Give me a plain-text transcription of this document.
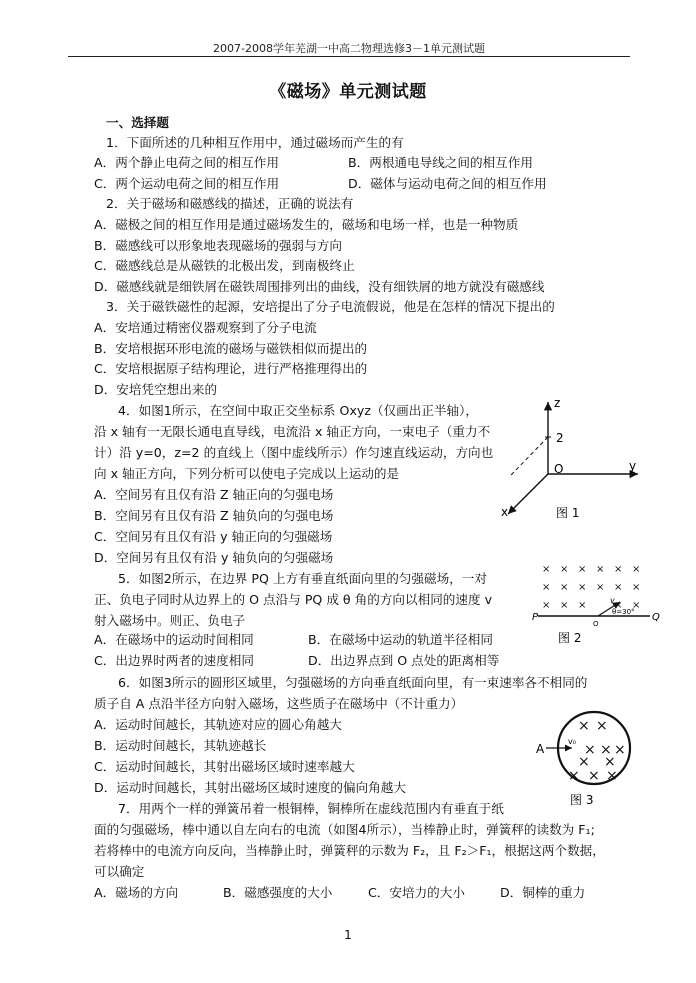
2007-2008学年芜湖一中高二物理选修3－1单元测试题
《磁场》单元测试题
一、选择题
1．下面所述的几种相互作用中，通过磁场而产生的有
A．两个静止电荷之间的相互作用	B．两根通电导线之间的相互作用
C．两个运动电荷之间的相互作用	D．磁体与运动电荷之间的相互作用
2．关于磁场和磁感线的描述，正确的说法有
A．磁极之间的相互作用是通过磁场发生的，磁场和电场一样，也是一种物质
B．磁感线可以形象地表现磁场的强弱与方向
C．磁感线总是从磁铁的北极出发，到南极终止
D．磁感线就是细铁屑在磁铁周围排列出的曲线，没有细铁屑的地方就没有磁感线
3．关于磁铁磁性的起源，安培提出了分子电流假说，他是在怎样的情况下提出的
A．安培通过精密仪器观察到了分子电流
B．安培根据环形电流的磁场与磁铁相似而提出的
C．安培根据原子结构理论，进行严格推理得出的
D．安培凭空想出来的
4．如图1所示，在空间中取正交坐标系 Oxyz（仅画出正半轴），
沿 x 轴有一无限长通电直导线，电流沿 x 轴正方向，一束电子（重力不
计）沿 y=0，z=2 的直线上（图中虚线所示）作匀速直线运动，方向也
向 x 轴正方向，下列分析可以使电子完成以上运动的是
A．空间另有且仅有沿 Z 轴正向的匀强电场
B．空间另有且仅有沿 Z 轴负向的匀强电场
C．空间另有且仅有沿 y 轴正向的匀强磁场
D．空间另有且仅有沿 y 轴负向的匀强磁场
z
2
O	y
x	图 1
5．如图2所示，在边界 PQ 上方有垂直纸面向里的匀强磁场，一对
正、负电子同时从边界上的 O 点沿与 PQ 成 θ 角的方向以相同的速度 v
射入磁场中。则正、负电子
A．在磁场中的运动时间相同	B．在磁场中运动的轨道半径相同
C．出边界时两者的速度相同	D．出边界点到 O 点处的距离相等
× × × × × ×
× × × × × ×
× × ×	× ×
P	Q
v
O
θ=30°
图 2
6．如图3所示的圆形区域里，匀强磁场的方向垂直纸面向里，有一束速率各不相同的
质子自 A 点沿半径方向射入磁场，这些质子在磁场中（不计重力）
A．运动时间越长，其轨迹对应的圆心角越大
B．运动时间越长，其轨迹越长
C．运动时间越长，其射出磁场区域时速率越大
D．运动时间越长，其射出磁场区域时速度的偏向角越大
× ×
× × ×
× ×
× × ×
A
v₀
图 3
7．用两个一样的弹簧吊着一根铜棒，铜棒所在虚线范围内有垂直于纸
面的匀强磁场，棒中通以自左向右的电流（如图4所示），当棒静止时，弹簧秤的读数为 F₁;
若将棒中的电流方向反向，当棒静止时，弹簧秤的示数为 F₂，且 F₂＞F₁，根据这两个数据，
可以确定
A．磁场的方向	B．磁感强度的大小	C．安培力的大小	D．铜棒的重力
1
